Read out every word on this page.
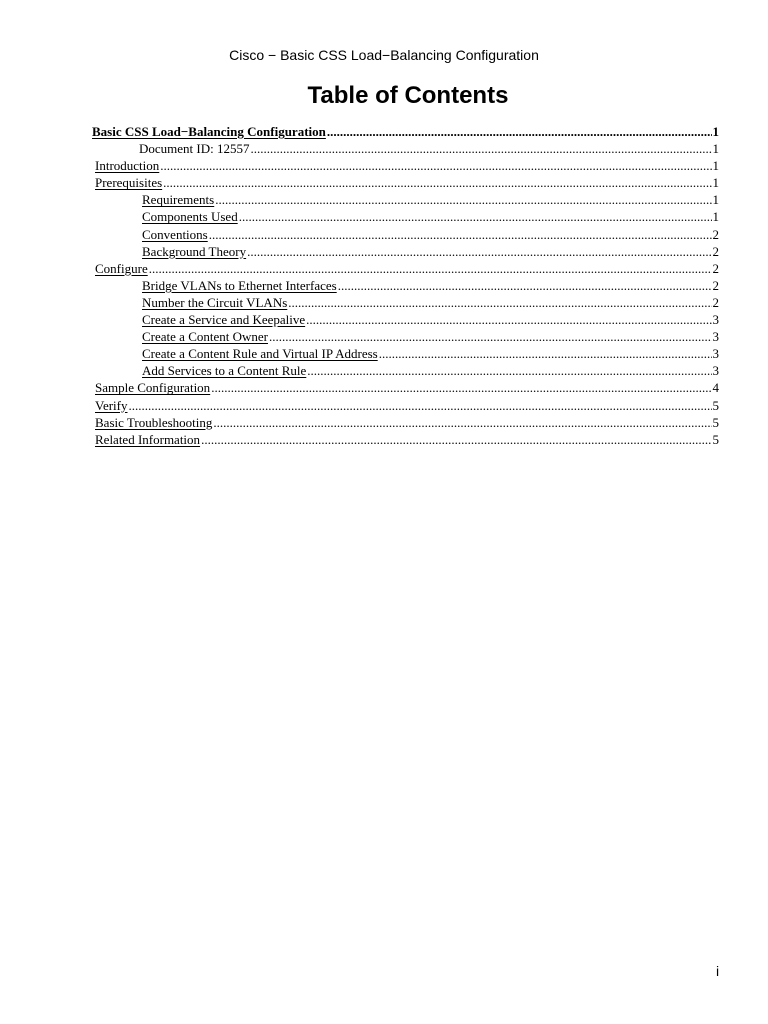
Cisco − Basic CSS Load−Balancing Configuration
Table of Contents
Basic CSS Load−Balancing Configuration .....	1
Document ID: 12557 .....	1
Introduction .....	1
Prerequisites .....	1
Requirements .....	1
Components Used .....	1
Conventions .....	2
Background Theory .....	2
Configure .....	2
Bridge VLANs to Ethernet Interfaces .....	2
Number the Circuit VLANs .....	2
Create a Service and Keepalive .....	3
Create a Content Owner .....	3
Create a Content Rule and Virtual IP Address .....	3
Add Services to a Content Rule .....	3
Sample Configuration .....	4
Verify .....	5
Basic Troubleshooting .....	5
Related Information .....	5
i
